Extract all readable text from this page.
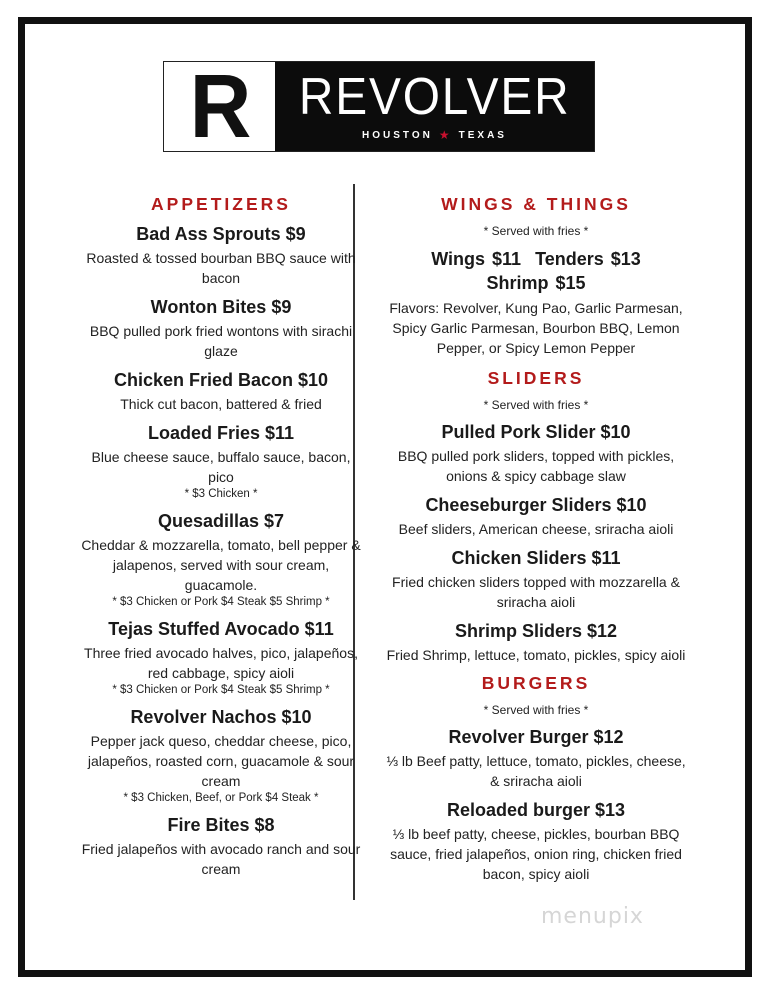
R REVOLVER
HOUSTON ★ TEXAS
APPETIZERS
Bad Ass Sprouts $9
Roasted & tossed bourban BBQ sauce with bacon
Wonton Bites $9
BBQ pulled pork fried wontons with sirachi glaze
Chicken Fried Bacon $10
Thick cut bacon, battered & fried
Loaded Fries $11
Blue cheese sauce, buffalo sauce, bacon, pico
* $3 Chicken *
Quesadillas $7
Cheddar & mozzarella, tomato, bell pepper & jalapenos, served with sour cream, guacamole.
* $3 Chicken or Pork $4 Steak $5 Shrimp *
Tejas Stuffed Avocado $11
Three fried avocado halves, pico, jalapeños, red cabbage, spicy aioli
* $3 Chicken or Pork $4 Steak $5 Shrimp *
Revolver Nachos $10
Pepper jack queso, cheddar cheese, pico, jalapeños, roasted corn, guacamole & sour cream
* $3 Chicken, Beef, or Pork $4 Steak *
Fire Bites $8
Fried jalapeños with avocado ranch and sour cream
WINGS & THINGS
* Served with fries *
Wings $11 Tenders $13
Shrimp $15
Flavors: Revolver, Kung Pao, Garlic Parmesan, Spicy Garlic Parmesan, Bourbon BBQ, Lemon Pepper, or Spicy Lemon Pepper
SLIDERS
* Served with fries *
Pulled Pork Slider $10
BBQ pulled pork sliders, topped with pickles, onions & spicy cabbage slaw
Cheeseburger Sliders $10
Beef sliders, American cheese, sriracha aioli
Chicken Sliders $11
Fried chicken sliders topped with mozzarella & sriracha aioli
Shrimp Sliders $12
Fried Shrimp, lettuce, tomato, pickles, spicy aioli
BURGERS
* Served with fries *
Revolver Burger $12
⅓ lb Beef patty, lettuce, tomato, pickles, cheese, & sriracha aioli
Reloaded burger $13
⅓ lb beef patty, cheese, pickles, bourban BBQ sauce, fried jalapeños, onion ring, chicken fried bacon, spicy aioli
menupix
